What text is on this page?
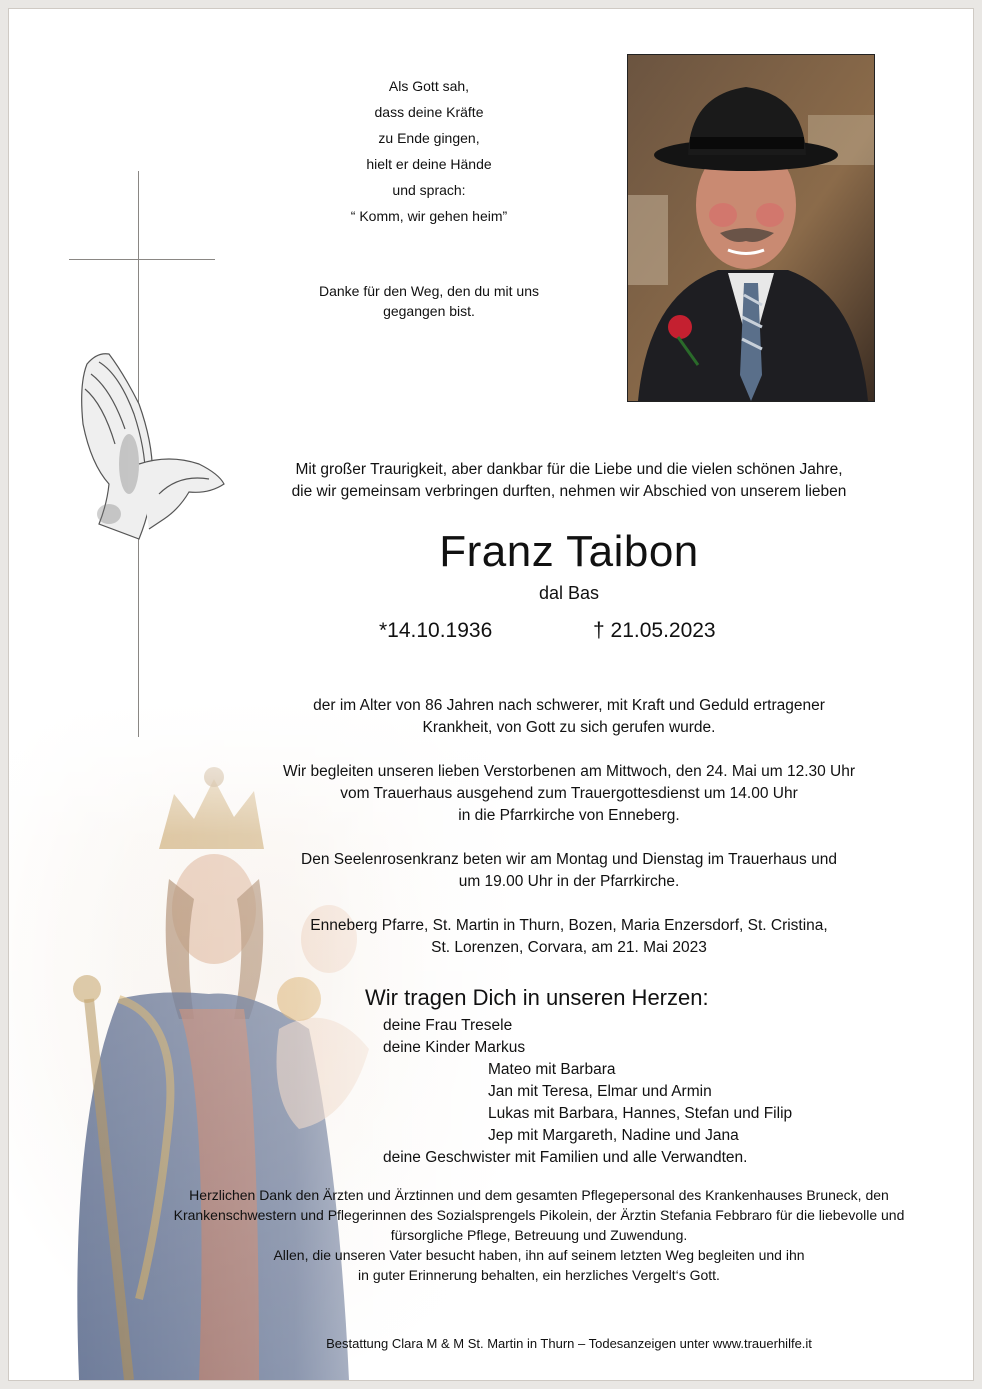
Als Gott sah,
dass deine Kräfte
zu Ende gingen,
hielt er deine Hände
und sprach:
“ Komm, wir gehen heim”
Danke für den Weg, den du mit uns
gegangen bist.
Mit großer Traurigkeit, aber dankbar für die Liebe und die vielen schönen Jahre,
die wir gemeinsam verbringen durften, nehmen wir Abschied von unserem lieben
Franz Taibon
dal Bas
*14.10.1936	† 21.05.2023
der im Alter von 86 Jahren nach schwerer, mit Kraft und Geduld ertragener
Krankheit, von Gott zu sich gerufen wurde.
Wir begleiten unseren lieben Verstorbenen am Mittwoch, den 24. Mai um 12.30 Uhr
vom Trauerhaus ausgehend zum Trauergottesdienst um 14.00 Uhr
in die Pfarrkirche von Enneberg.
Den Seelenrosenkranz beten wir am Montag und Dienstag im Trauerhaus und
um 19.00 Uhr in der Pfarrkirche.
Enneberg Pfarre, St. Martin in Thurn, Bozen, Maria Enzersdorf, St. Cristina,
St. Lorenzen, Corvara, am 21. Mai 2023
Wir tragen Dich in unseren Herzen:
deine Frau Tresele
deine Kinder Markus
Mateo mit Barbara
Jan mit Teresa, Elmar und Armin
Lukas mit Barbara, Hannes, Stefan und Filip
Jep mit Margareth, Nadine und Jana
deine Geschwister mit Familien und alle Verwandten.
Herzlichen Dank den Ärzten und Ärztinnen und dem gesamten Pflegepersonal des Krankenhauses Bruneck, den
Krankenschwestern und Pflegerinnen des Sozialsprengels Pikolein, der Ärztin Stefania Febbraro für die liebevolle und
fürsorgliche Pflege, Betreuung und Zuwendung.
Allen, die unseren Vater besucht haben, ihn auf seinem letzten Weg begleiten und ihn
in guter Erinnerung behalten, ein herzliches Vergelt‘s Gott.
Bestattung Clara M & M St. Martin in Thurn – Todesanzeigen unter www.trauerhilfe.it
